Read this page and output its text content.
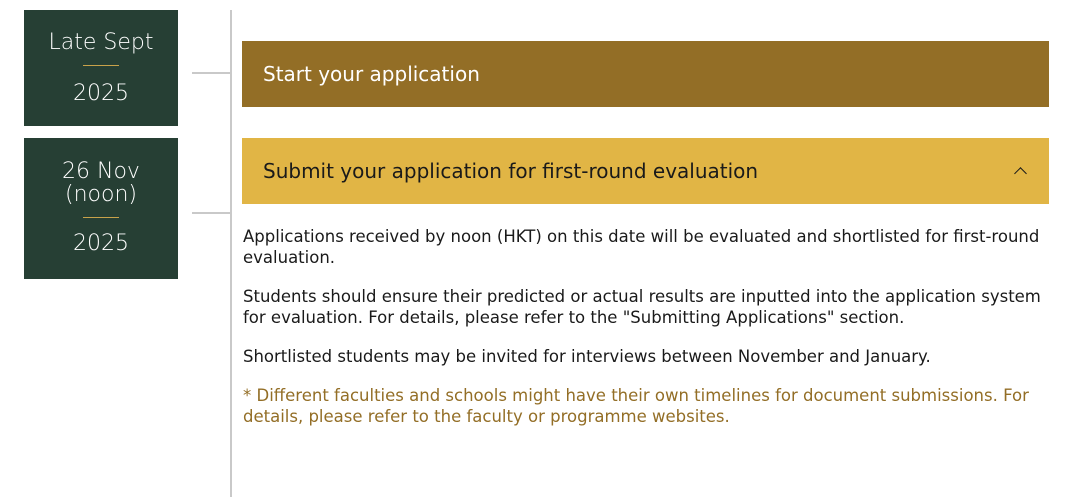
Late Sept
2025
26 Nov
(noon)
2025
Start your application
Submit your application for first-round evaluation

Applications received by noon (HKT) on this date will be evaluated and shortlisted for first-round evaluation.

Students should ensure their predicted or actual results are inputted into the application system for evaluation. For details, please refer to the "Submitting Applications" section.

Shortlisted students may be invited for interviews between November and January.

* Different faculties and schools might have their own timelines for document submissions. For details, please refer to the faculty or programme websites.
